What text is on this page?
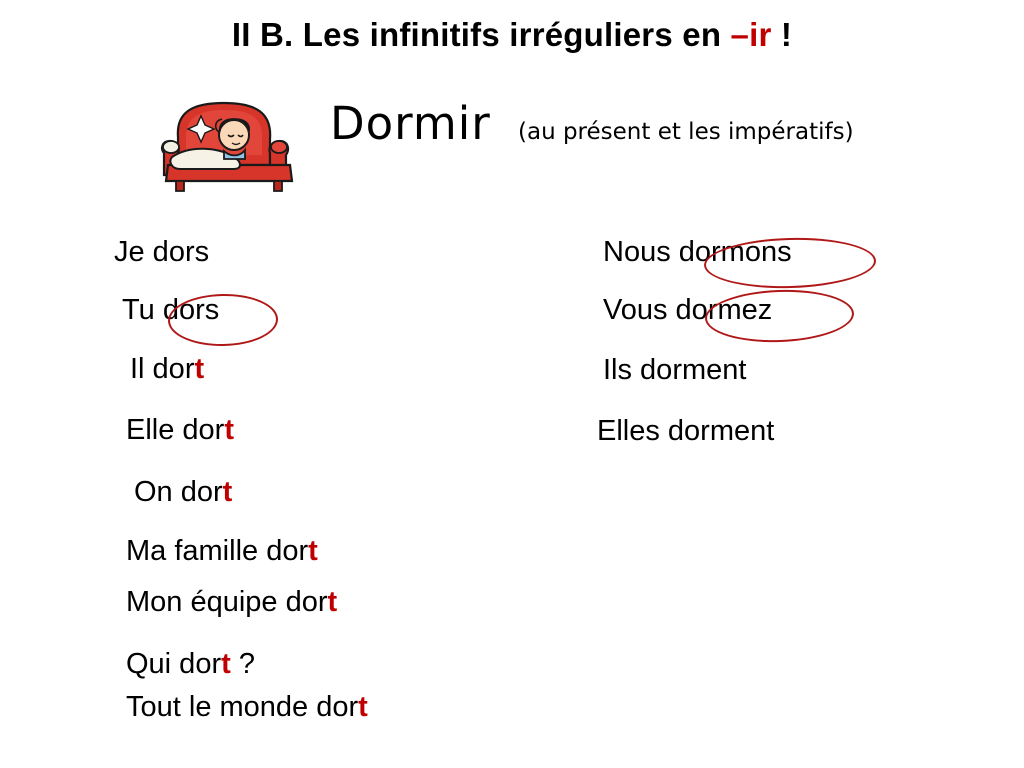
II B. Les infinitifs irréguliers en –ir !
Dormir (au présent et les impératifs)
Je dors
Tu dors
Il dort
Elle dort
On dort
Ma famille dort
Mon équipe dort
Qui dort ?
Tout le monde dort
Nous dormons
Vous dormez
Ils dorment
Elles dorment
